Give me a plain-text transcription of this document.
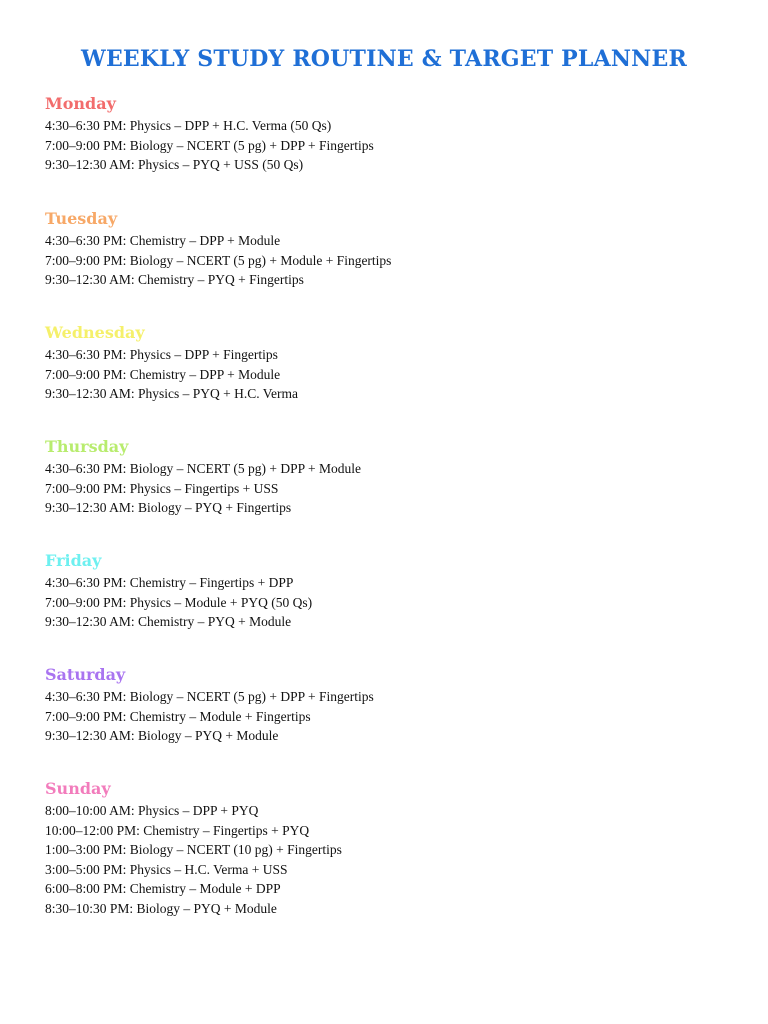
WEEKLY STUDY ROUTINE & TARGET PLANNER
Monday
4:30–6:30 PM: Physics – DPP + H.C. Verma (50 Qs)
7:00–9:00 PM: Biology – NCERT (5 pg) + DPP + Fingertips
9:30–12:30 AM: Physics – PYQ + USS (50 Qs)
Tuesday
4:30–6:30 PM: Chemistry – DPP + Module
7:00–9:00 PM: Biology – NCERT (5 pg) + Module + Fingertips
9:30–12:30 AM: Chemistry – PYQ + Fingertips
Wednesday
4:30–6:30 PM: Physics – DPP + Fingertips
7:00–9:00 PM: Chemistry – DPP + Module
9:30–12:30 AM: Physics – PYQ + H.C. Verma
Thursday
4:30–6:30 PM: Biology – NCERT (5 pg) + DPP + Module
7:00–9:00 PM: Physics – Fingertips + USS
9:30–12:30 AM: Biology – PYQ + Fingertips
Friday
4:30–6:30 PM: Chemistry – Fingertips + DPP
7:00–9:00 PM: Physics – Module + PYQ (50 Qs)
9:30–12:30 AM: Chemistry – PYQ + Module
Saturday
4:30–6:30 PM: Biology – NCERT (5 pg) + DPP + Fingertips
7:00–9:00 PM: Chemistry – Module + Fingertips
9:30–12:30 AM: Biology – PYQ + Module
Sunday
8:00–10:00 AM: Physics – DPP + PYQ
10:00–12:00 PM: Chemistry – Fingertips + PYQ
1:00–3:00 PM: Biology – NCERT (10 pg) + Fingertips
3:00–5:00 PM: Physics – H.C. Verma + USS
6:00–8:00 PM: Chemistry – Module + DPP
8:30–10:30 PM: Biology – PYQ + Module
